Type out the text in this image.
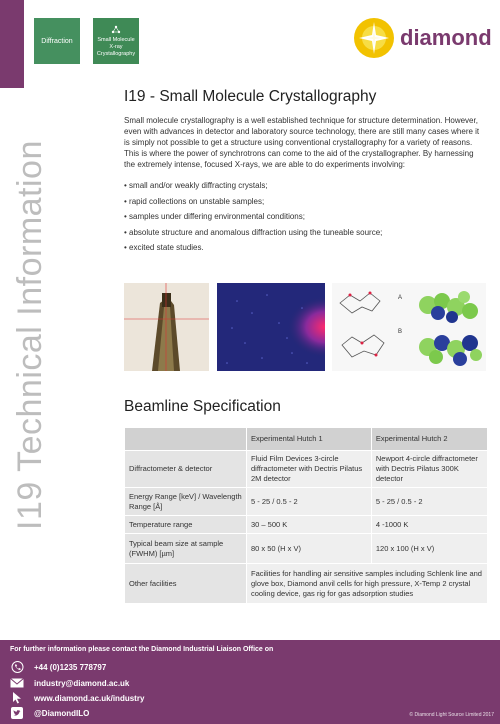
I19 Technical Information
Diffraction	Small Molecule
X-ray
Crystallography
diamond
I19 - Small Molecule Crystallography
Small molecule crystallography is a well established technique for structure determination. However, even with advances in detector and laboratory source technology, there are still many cases where it is simply not possible to get a structure using conventional crystallography for a variety of reasons. This is where the power of synchrotrons can come to the aid of the crystallographer. By harnessing the extremely intense, focused X-rays, we are able to do experiments involving:
• small and/or weakly diffracting crystals;
• rapid collections on unstable samples;
• samples under differing environmental conditions;
• absolute structure and anomalous diffraction using the tuneable source;
• excited state studies.
A
B
Beamline Specification
	Experimental Hutch 1	Experimental Hutch 2
Diffractometer & detector	Fluid Film Devices 3-circle diffractometer with Dectris Pilatus 2M detector	Newport 4-circle diffractometer with Dectris Pilatus 300K detector
Energy Range [keV] / Wavelength Range [Å]	5 - 25 / 0.5 - 2	5 - 25 / 0.5 - 2
Temperature range	30 – 500 K	4 -1000 K
Typical beam size at sample (FWHM) [µm]	80 x 50 (H x V)	120 x 100 (H x V)
Other facilities	Facilities for handling air sensitive samples including Schlenk line and glove box, Diamond anvil cells for high pressure, X-Temp 2 crystal cooling device, gas rig for gas adsorption studies	
For further information please contact the Diamond Industrial Liaison Office on
+44 (0)1235 778797
industry@diamond.ac.uk
www.diamond.ac.uk/industry
@DiamondILO	© Diamond Light Source Limited 2017
